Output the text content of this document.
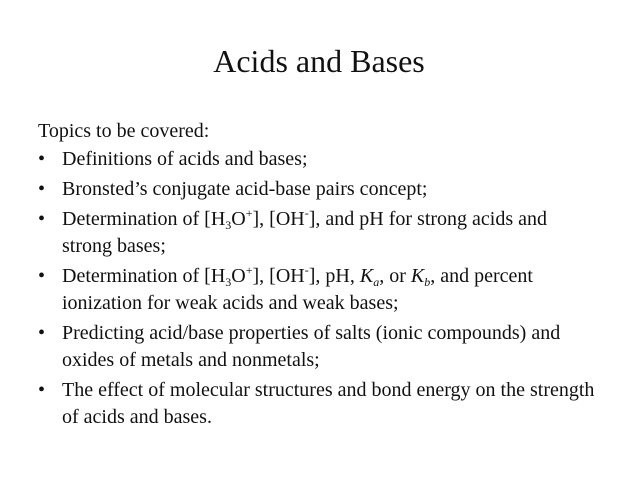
Acids and Bases
Topics to be covered:
• Definitions of acids and bases;
• Bronsted’s conjugate acid-base pairs concept;
• Determination of $[H_3O^+]$, [OH-], and pH for strong acids and strong bases;
• Determination of $[H_3O^+]$, [OH-], pH, $K_a$, or $K_b$, and percent ionization for weak acids and weak bases;
• Predicting acid/base properties of salts (ionic compounds) and oxides of metals and nonmetals;
• The effect of molecular structures and bond energy on the strength of acids and bases.
